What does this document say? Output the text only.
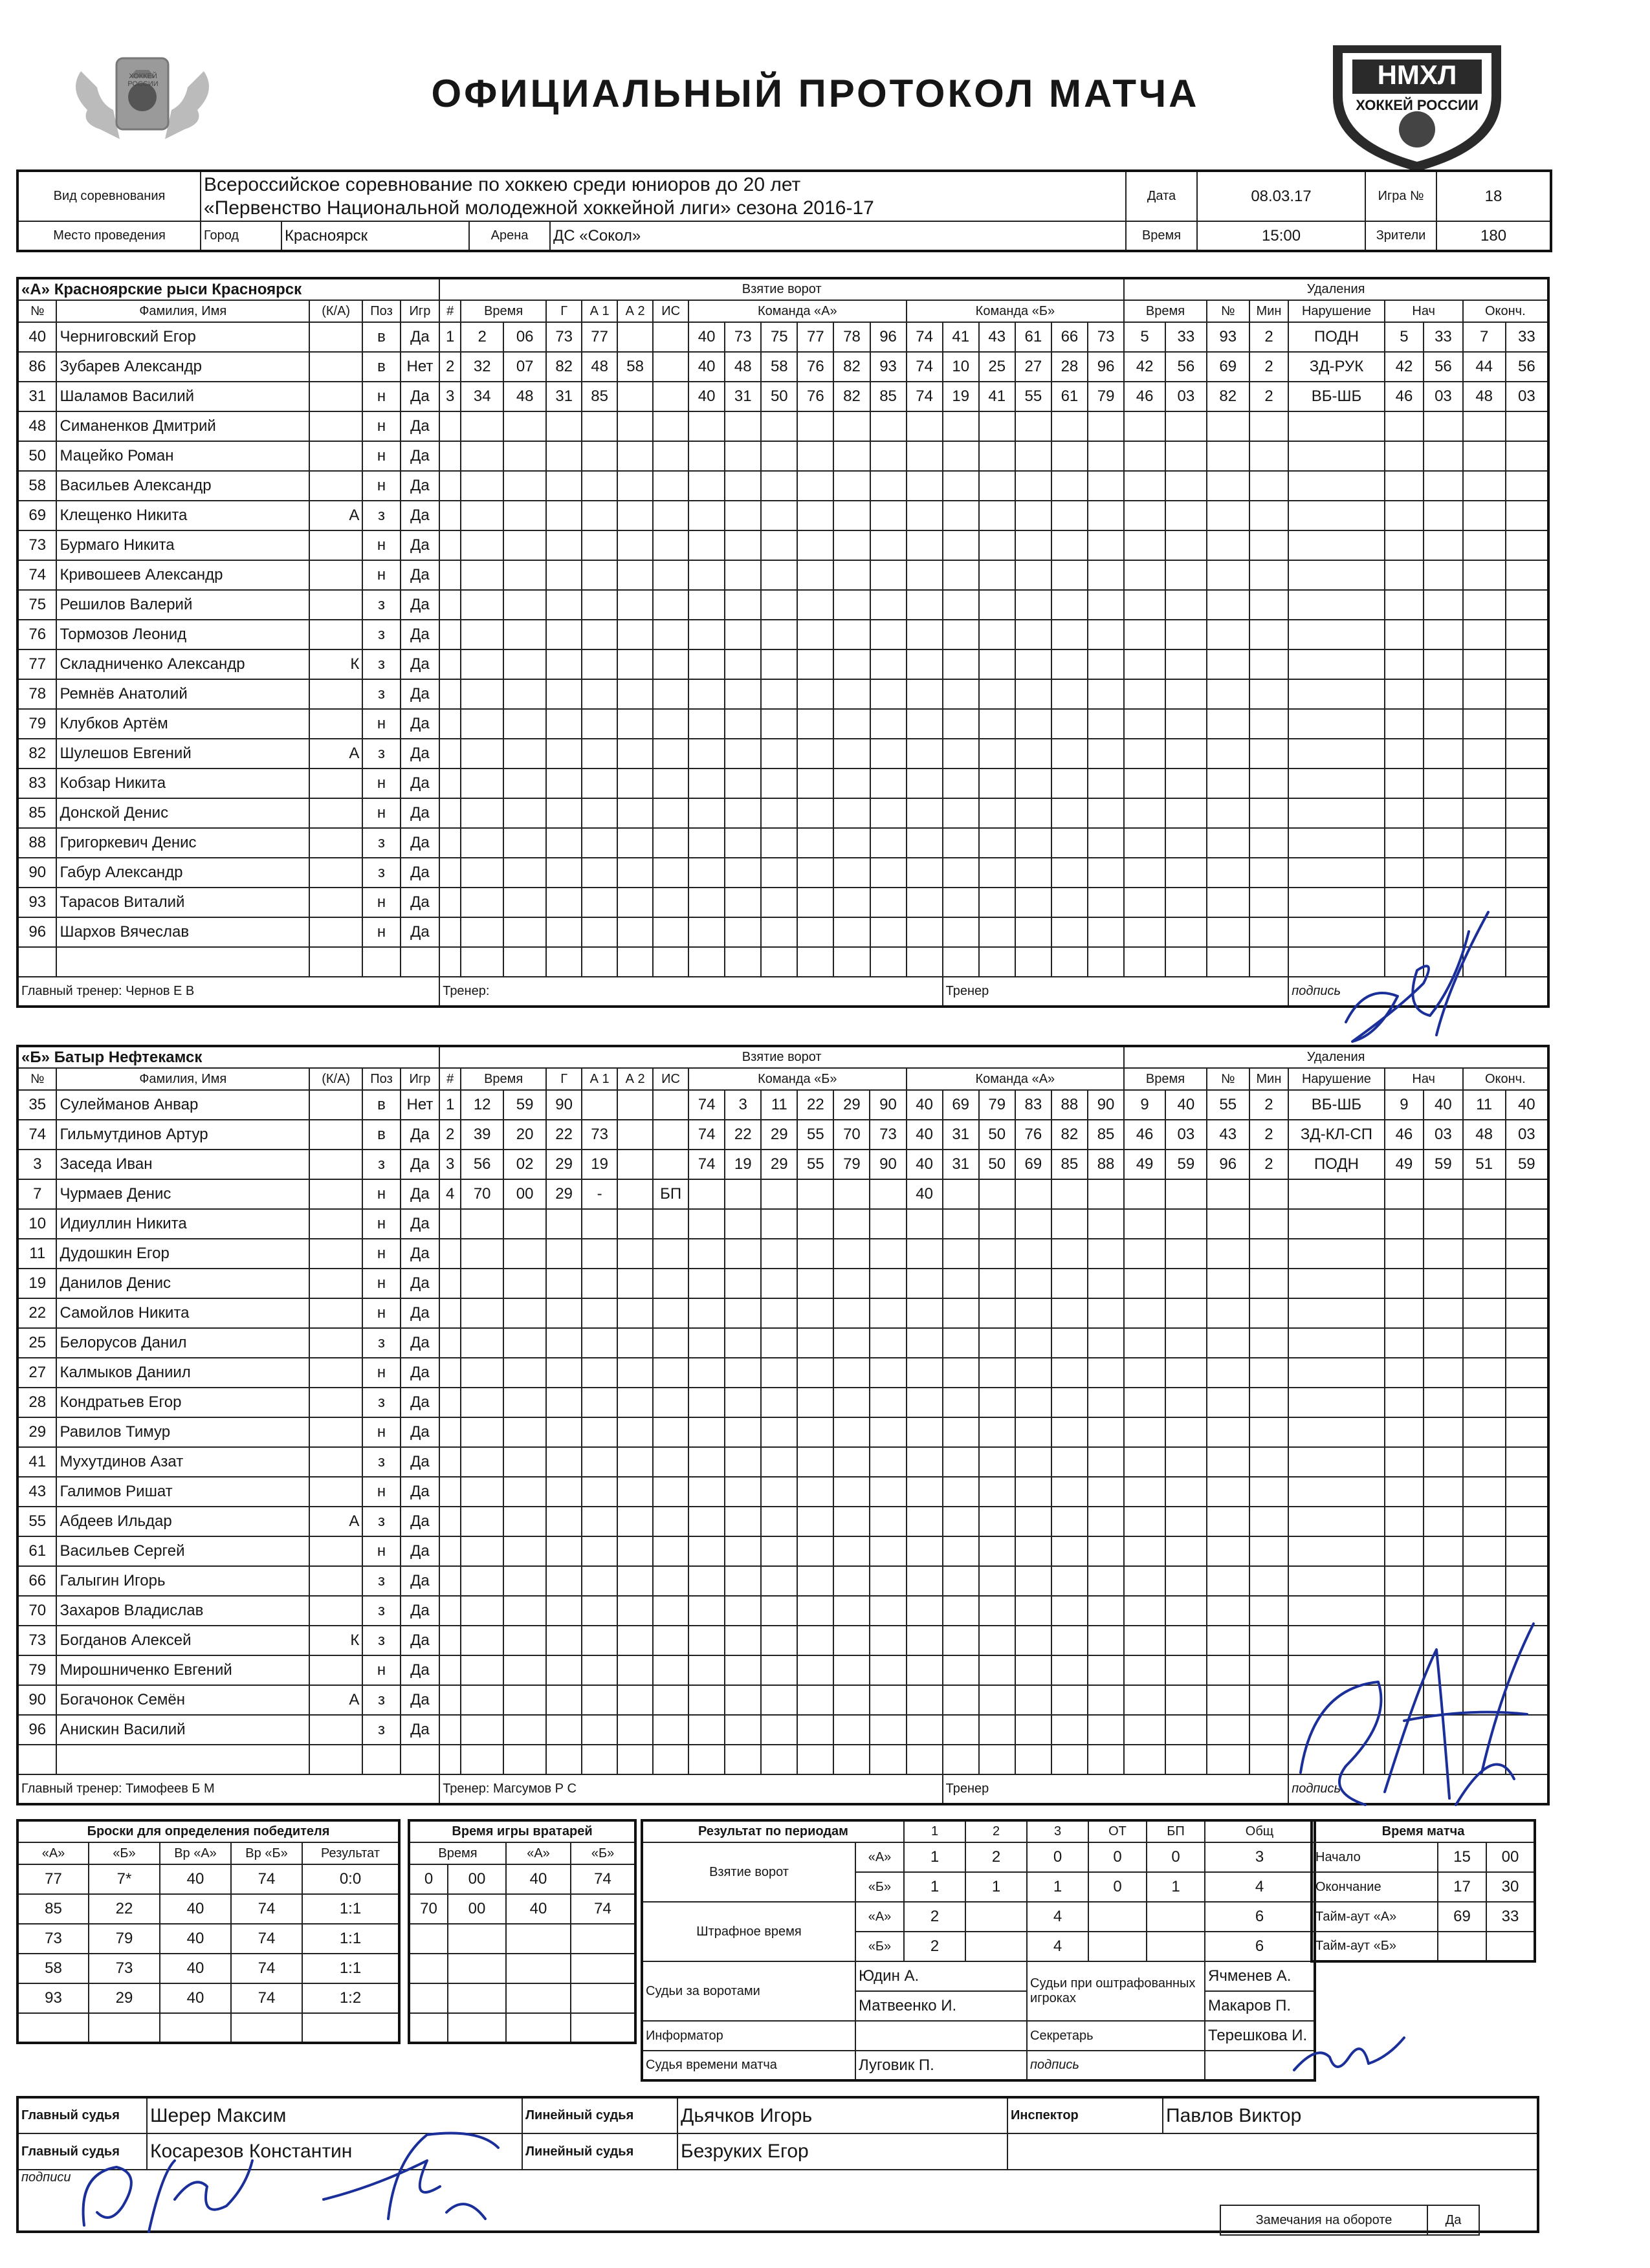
ХОККЕЙ РОССИИ	ОФИЦИАЛЬНЫЙ ПРОТОКОЛ МАТЧА	НМХЛ
ХОККЕЙ РОССИИ
Вид соревнования	Всероссийское соревнование по хоккею среди юниоров до 20 лет
«Первенство Национальной молодежной хоккейной лиги» сезона 2016-17				Дата	08.03.17	Игра №	18
Место проведения	Город	Красноярск	Арена	ДС «Сокол»	Время	15:00	Зрители	180
«А» Красноярские рыси Красноярск					Взятие ворот																			Удаления								
№	Фамилия, Имя	(К/А)	Поз	Игр	#	Время		Г	А 1	А 2	ИС	Команда «А»						Команда «Б»						Время		№	Мин	Нарушение	Нач		Оконч.	
40	Черниговский Егор		в	Да	1	2	06	73	77			40	73	75	77	78	96	74	41	43	61	66	73	5	33	93	2	ПОДН	5	33	7	33
86	Зубарев Александр		в	Нет	2	32	07	82	48	58		40	48	58	76	82	93	74	10	25	27	28	96	42	56	69	2	ЗД-РУК	42	56	44	56
31	Шаламов Василий		н	Да	3	34	48	31	85			40	31	50	76	82	85	74	19	41	55	61	79	46	03	82	2	ВБ-ШБ	46	03	48	03
48	Симаненков Дмитрий		н	Да																												
50	Мацейко Роман		н	Да																												
58	Васильев Александр		н	Да																												
69	Клещенко Никита	А	з	Да																												
73	Бурмаго Никита		н	Да																												
74	Кривошеев Александр		н	Да																												
75	Решилов Валерий		з	Да																												
76	Тормозов Леонид		з	Да																												
77	Складниченко Александр	К	з	Да																												
78	Ремнёв Анатолий		з	Да																												
79	Клубков Артём		н	Да																												
82	Шулешов Евгений	А	з	Да																												
83	Кобзар Никита		н	Да																												
85	Донской Денис		н	Да																												
88	Григоркевич Денис		з	Да																												
90	Габур Александр		з	Да																												
93	Тарасов Виталий		н	Да																												
96	Шархов Вячеслав		н	Да																												

Главный тренер: Чернов Е В					Тренер:														Тренер									подпись				
«Б» Батыр Нефтекамск					Взятие ворот																			Удаления								
№	Фамилия, Имя	(К/А)	Поз	Игр	#	Время		Г	А 1	А 2	ИС	Команда «Б»						Команда «А»						Время		№	Мин	Нарушение	Нач		Оконч.	
35	Сулейманов Анвар		в	Нет	1	12	59	90				74	3	11	22	29	90	40	69	79	83	88	90	9	40	55	2	ВБ-ШБ	9	40	11	40
74	Гильмутдинов Артур		в	Да	2	39	20	22	73			74	22	29	55	70	73	40	31	50	76	82	85	46	03	43	2	ЗД-КЛ-СП	46	03	48	03
3	Заседа Иван		з	Да	3	56	02	29	19			74	19	29	55	79	90	40	31	50	69	85	88	49	59	96	2	ПОДН	49	59	51	59
7	Чурмаев Денис		н	Да	4	70	00	29	-		БП							40														
10	Идиуллин Никита		н	Да																												
11	Дудошкин Егор		н	Да																												
19	Данилов Денис		н	Да																												
22	Самойлов Никита		н	Да																												
25	Белорусов Данил		з	Да																												
27	Калмыков Даниил		н	Да																												
28	Кондратьев Егор		з	Да																												
29	Равилов Тимур		н	Да																												
41	Мухутдинов Азат		з	Да																												
43	Галимов Ришат		н	Да																												
55	Абдеев Ильдар	А	з	Да																												
61	Васильев Сергей		н	Да																												
66	Галыгин Игорь		з	Да																												
70	Захаров Владислав		з	Да																												
73	Богданов Алексей	К	з	Да																												
79	Мирошниченко Евгений		н	Да																												
90	Богачонок Семён	А	з	Да																												
96	Анискин Василий		з	Да																												

Главный тренер: Тимофеев Б М					Тренер: Магсумов Р С														Тренер									подпись				
Броски для определения победителя				
«А»	«Б»	Вр «А»	Вр «Б»	Результат
77	7*	40	74	0:0
85	22	40	74	1:1
73	79	40	74	1:1
58	73	40	74	1:1
93	29	40	74	1:2

Время игры вратарей			
Время		«А»	«Б»
0	00	40	74
70	00	40	74

Результат по периодам		1	2	3	ОТ	БП	Общ
Взятие ворот	«А»	1	2	0	0	0	3
	«Б»	1	1	1	0	1	4
Штрафное время	«А»	2		4			6
	«Б»	2		4			6
Судьи за воротами	Юдин А.			Судьи при оштрафованных игроках			Ячменев А.
	Матвеенко И.						Макаров П.
Информатор				Секретарь			Терешкова И.
Судья времени матча	Луговик П.			подпись			
Время матча		
Начало	15	00
Окончание	17	30
Тайм-аут «А»	69	33
Тайм-аут «Б»		
Главный судья	Шерер Максим	Линейный судья	Дьячков Игорь	Инспектор	Павлов Виктор
Главный судья	Косарезов Константин	Линейный судья	Безруких Егор		
подписи					
Замечания на обороте	Да
